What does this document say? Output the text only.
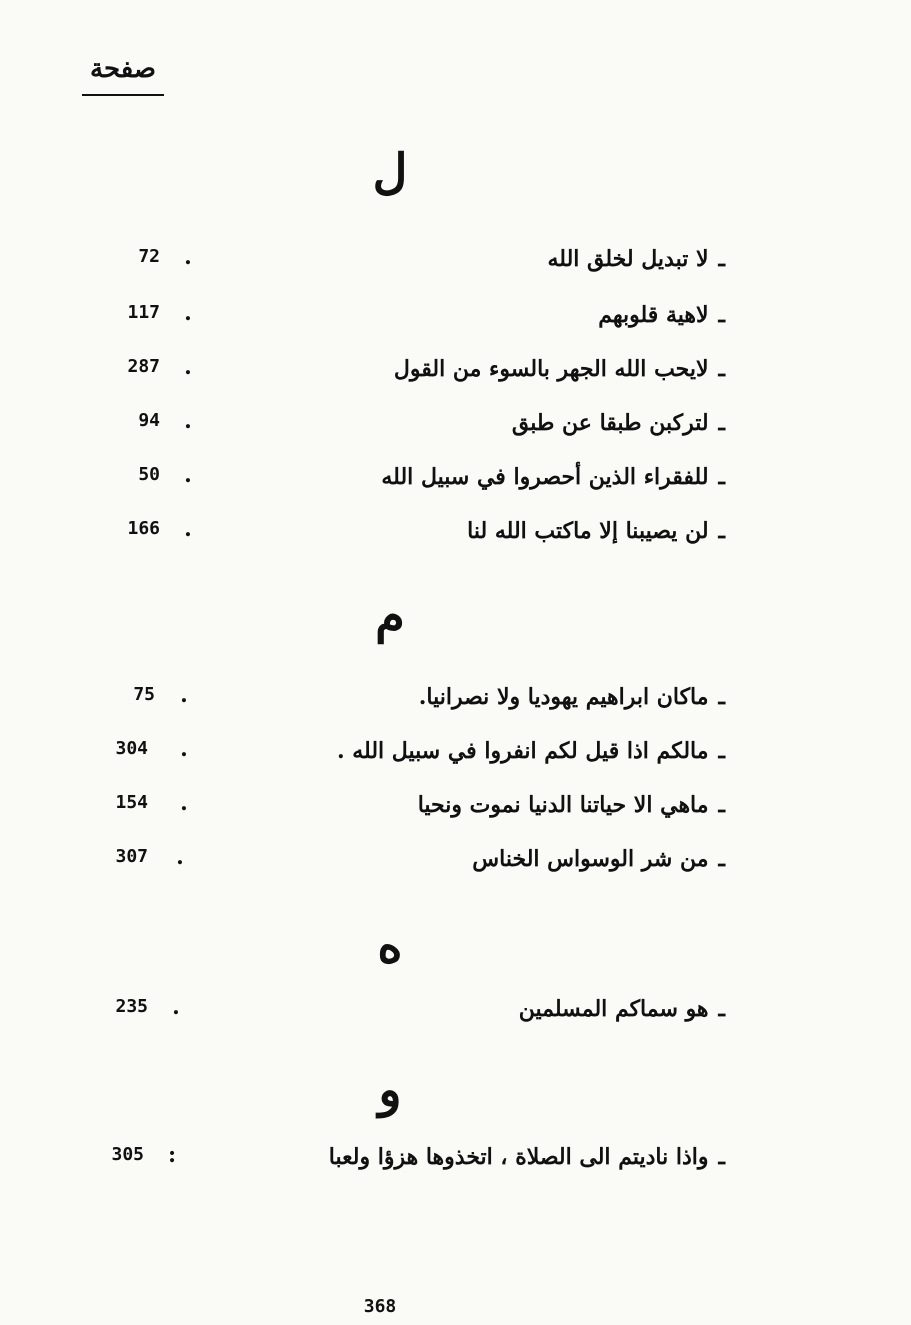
صفحة
ل
ـلا تبديل لخلق الله
.
72
ـلاهية قلوبهم
.
117
ـلايحب الله الجهر بالسوء من القول
.
287
ـلتركبن طبقا عن طبق
.
94
ـللفقراء الذين أحصروا في سبيل الله
.
50
ـلن يصيبنا إلا ماكتب الله لنا
.
166
م
ـماكان ابراهيم يهوديا ولا نصرانيا.
.
75
ـمالكم اذا قيل لكم انفروا في سبيل الله .
.
304
ـماهي الا حياتنا الدنيا نموت ونحيا
.
154
ـمن شر الوسواس الخناس
.
307
ه
ـهو سماكم المسلمين
.
235
و
ـواذا ناديتم الى الصلاة ، اتخذوها هزؤا ولعبا
:
305
368
